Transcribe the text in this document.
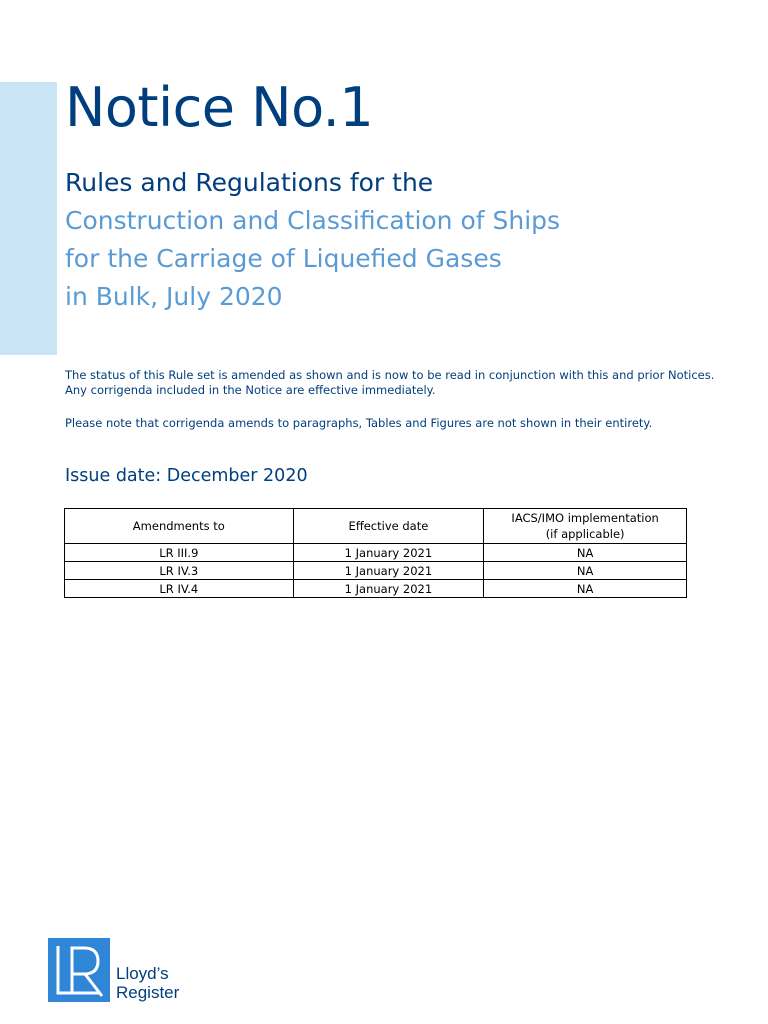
Notice No.1
Rules and Regulations for the
Construction and Classification of Ships
for the Carriage of Liquefied Gases
in Bulk, July 2020

The status of this Rule set is amended as shown and is now to be read in conjunction with this and prior Notices. Any corrigenda included in the Notice are effective immediately.

Please note that corrigenda amends to paragraphs, Tables and Figures are not shown in their entirety.

Issue date: December 2020
Amendments to	Effective date	IACS/IMO implementation
(if applicable)
LR III.9	1 January 2021	NA
LR IV.3	1 January 2021	NA
LR IV.4	1 January 2021	NA
Lloyd’s
Register
